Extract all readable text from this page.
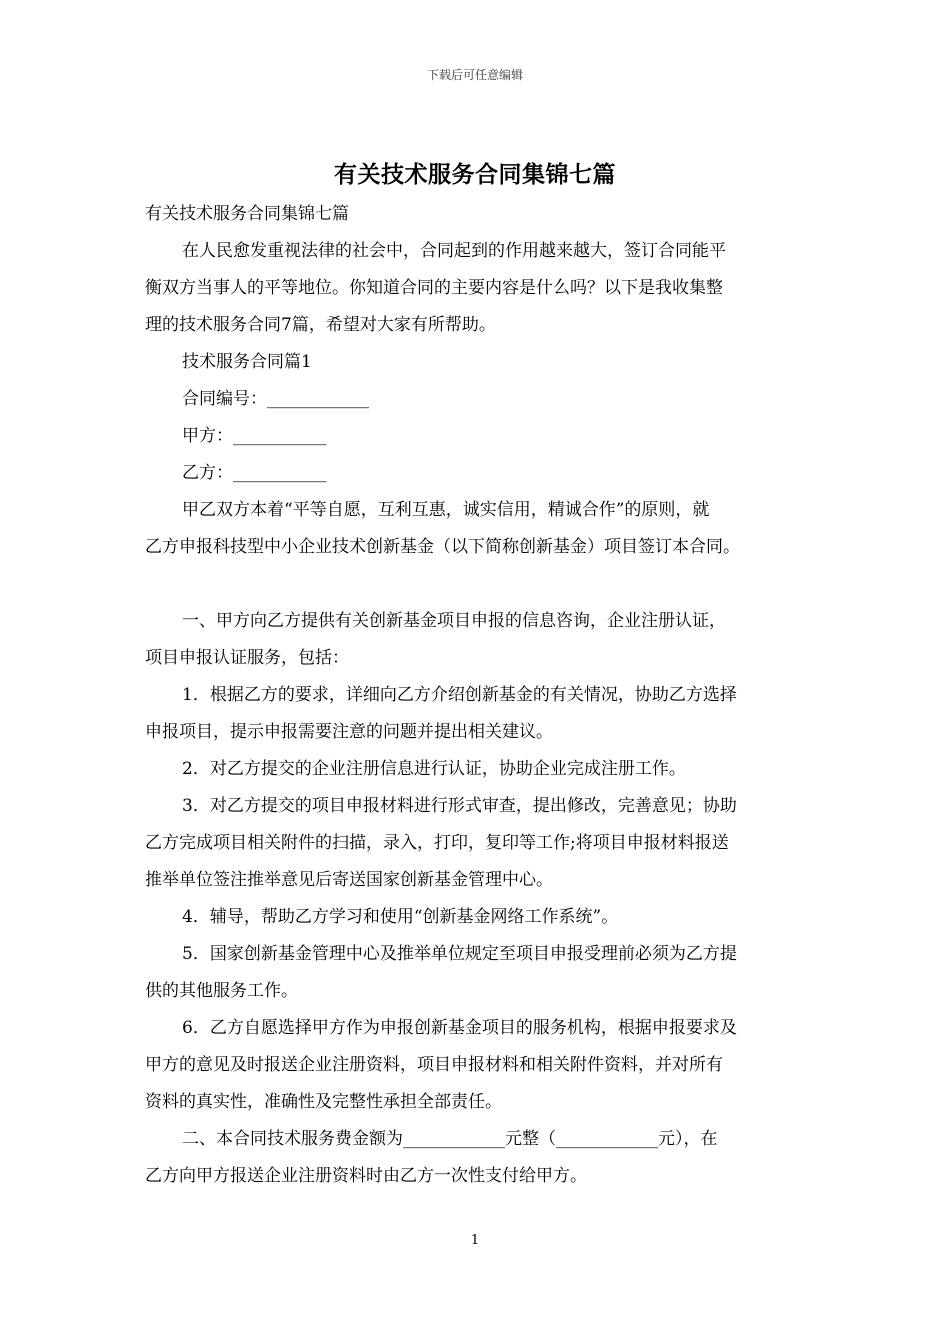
下载后可任意编辑
有关技术服务合同集锦七篇
有关技术服务合同集锦七篇
在人民愈发重视法律的社会中，合同起到的作用越来越大，签订合同能平
衡双方当事人的平等地位。你知道合同的主要内容是什么吗？以下是我收集整
理的技术服务合同7篇，希望对大家有所帮助。
技术服务合同篇1
合同编号：____________
甲方：___________
乙方：___________
甲乙双方本着“平等自愿，互利互惠，诚实信用，精诚合作”的原则，就
乙方申报科技型中小企业技术创新基金（以下简称创新基金）项目签订本合同。
一、甲方向乙方提供有关创新基金项目申报的信息咨询，企业注册认证，
项目申报认证服务，包括：
1．根据乙方的要求，详细向乙方介绍创新基金的有关情况，协助乙方选择
申报项目，提示申报需要注意的问题并提出相关建议。
2．对乙方提交的企业注册信息进行认证，协助企业完成注册工作。
3．对乙方提交的项目申报材料进行形式审查，提出修改，完善意见；协助
乙方完成项目相关附件的扫描，录入，打印，复印等工作;将项目申报材料报送
推举单位签注推举意见后寄送国家创新基金管理中心。
4．辅导，帮助乙方学习和使用“创新基金网络工作系统”。
5．国家创新基金管理中心及推举单位规定至项目申报受理前必须为乙方提
供的其他服务工作。
6．乙方自愿选择甲方作为申报创新基金项目的服务机构，根据申报要求及
甲方的意见及时报送企业注册资料，项目申报材料和相关附件资料，并对所有
资料的真实性，准确性及完整性承担全部责任。
二、本合同技术服务费金额为____________元整（____________元），在
乙方向甲方报送企业注册资料时由乙方一次性支付给甲方。
1
